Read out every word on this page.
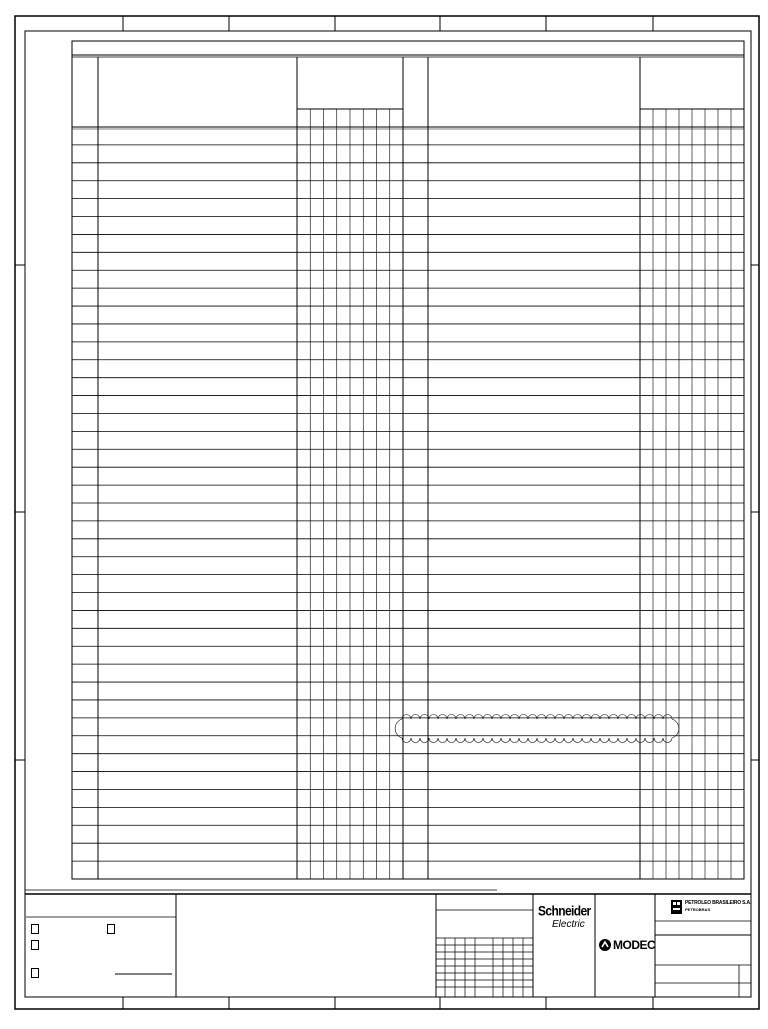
Schneider
Electric
MODEC
PETROLEO BRASILEIRO S.A.
PETROBRAS
